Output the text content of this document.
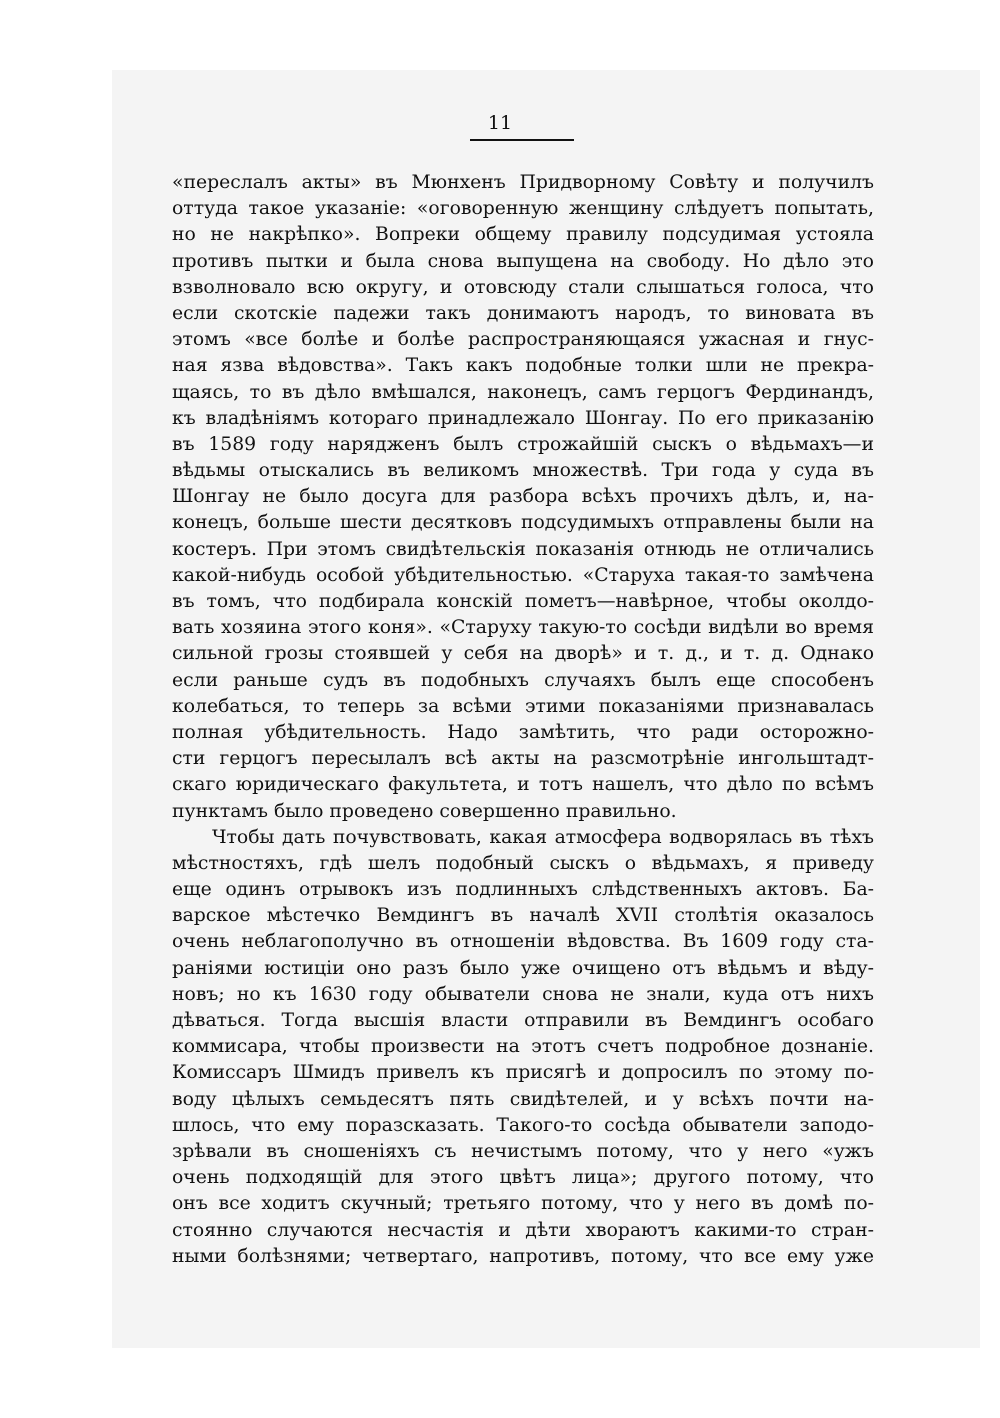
11
«переслалъ акты» въ Мюнхенъ Придворному Совѣту и получилъ
оттуда такое указаніе: «оговоренную женщину слѣдуетъ попытать,
но не накрѣпко». Вопреки общему правилу подсудимая устояла
противъ пытки и была снова выпущена на свободу. Но дѣло это
взволновало всю округу, и отовсюду стали слышаться голоса, что
если скотскіе падежи такъ донимаютъ народъ, то виновата въ
этомъ «все болѣе и болѣе распространяющаяся ужасная и гнус-
ная язва вѣдовства». Такъ какъ подобные толки шли не прекра-
щаясь, то въ дѣло вмѣшался, наконецъ, самъ герцогъ Фердинандъ,
къ владѣніямъ котораго принадлежало Шонгау. По его приказанію
въ 1589 году нарядженъ былъ строжайшій сыскъ о вѣдьмахъ—и
вѣдьмы отыскались въ великомъ множествѣ. Три года у суда въ
Шонгау не было досуга для разбора всѣхъ прочихъ дѣлъ, и, на-
конецъ, больше шести десятковъ подсудимыхъ отправлены были на
костеръ. При этомъ свидѣтельскія показанія отнюдь не отличались
какой-нибудь особой убѣдительностью. «Старуха такая-то замѣчена
въ томъ, что подбирала конскій пометъ—навѣрное, чтобы околдо-
вать хозяина этого коня». «Старуху такую-то сосѣди видѣли во время
сильной грозы стоявшей у себя на дворѣ» и т. д., и т. д. Однако
если раньше судъ въ подобныхъ случаяхъ былъ еще способенъ
колебаться, то теперь за всѣми этими показаніями признавалась
полная убѣдительность. Надо замѣтить, что ради осторожно-
сти герцогъ пересылалъ всѣ акты на разсмотрѣніе ингольштадт-
скаго юридическаго факультета, и тотъ нашелъ, что дѣло по всѣмъ
пунктамъ было проведено совершенно правильно.
Чтобы дать почувствовать, какая атмосфера водворялась въ тѣхъ
мѣстностяхъ, гдѣ шелъ подобный сыскъ о вѣдьмахъ, я приведу
еще одинъ отрывокъ изъ подлинныхъ слѣдственныхъ актовъ. Ба-
варское мѣстечко Вемдингъ въ началѣ XVII столѣтія оказалось
очень неблагополучно въ отношеніи вѣдовства. Въ 1609 году ста-
раніями юстиціи оно разъ было уже очищено отъ вѣдьмъ и вѣду-
новъ; но къ 1630 году обыватели снова не знали, куда отъ нихъ
дѣваться. Тогда высшія власти отправили въ Вемдингъ особаго
коммисара, чтобы произвести на этотъ счетъ подробное дознаніе.
Комиссаръ Шмидъ привелъ къ присягѣ и допросилъ по этому по-
воду цѣлыхъ семьдесятъ пять свидѣтелей, и у всѣхъ почти на-
шлось, что ему поразсказать. Такого-то сосѣда обыватели заподо-
зрѣвали въ сношеніяхъ съ нечистымъ потому, что у него «ужъ
очень подходящій для этого цвѣтъ лица»; другого потому, что
онъ все ходитъ скучный; третьяго потому, что у него въ домѣ по-
стоянно случаются несчастія и дѣти хвораютъ какими-то стран-
ными болѣзнями; четвертаго, напротивъ, потому, что все ему уже
